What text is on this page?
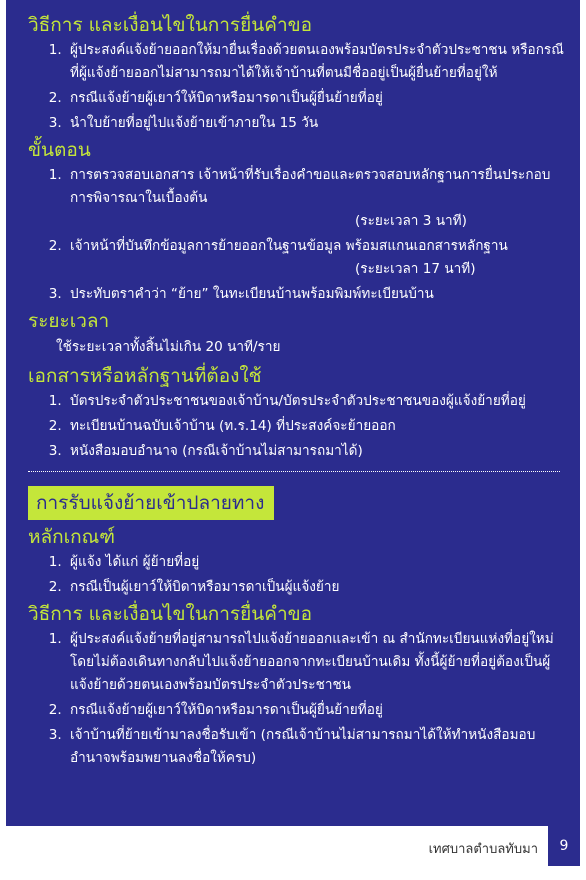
วิธีการ และเงื่อนไขในการยื่นคำขอ
1. ผู้ประสงค์แจ้งย้ายออกให้มายื่นเรื่องด้วยตนเองพร้อมบัตรประจำตัวประชาชน หรือกรณีที่ผู้แจ้งย้ายออกไม่สามารถมาได้ให้เจ้าบ้านที่ตนมีชื่ออยู่เป็นผู้ยื่นย้ายที่อยู่ให้
2. กรณีแจ้งย้ายผู้เยาว์ให้บิดาหรือมารดาเป็นผู้ยื่นย้ายที่อยู่
3. นำใบย้ายที่อยู่ไปแจ้งย้ายเข้าภายใน 15 วัน
ขั้นตอน
1. การตรวจสอบเอกสาร เจ้าหน้าที่รับเรื่องคำขอและตรวจสอบหลักฐานการยื่นประกอบการพิจารณาในเบื้องต้น
(ระยะเวลา 3 นาที)
2. เจ้าหน้าที่บันทึกข้อมูลการย้ายออกในฐานข้อมูล พร้อมสแกนเอกสารหลักฐาน
(ระยะเวลา 17 นาที)
3. ประทับตราคำว่า “ย้าย” ในทะเบียนบ้านพร้อมพิมพ์ทะเบียนบ้าน
ระยะเวลา

ใช้ระยะเวลาทั้งสิ้นไม่เกิน 20 นาที/ราย

เอกสารหรือหลักฐานที่ต้องใช้
1. บัตรประจำตัวประชาชนของเจ้าบ้าน/บัตรประจำตัวประชาชนของผู้แจ้งย้ายที่อยู่
2. ทะเบียนบ้านฉบับเจ้าบ้าน (ท.ร.14) ที่ประสงค์จะย้ายออก
3. หนังสือมอบอำนาจ (กรณีเจ้าบ้านไม่สามารถมาได้)
การรับแจ้งย้ายเข้าปลายทาง
หลักเกณฑ์
1. ผู้แจ้ง ได้แก่ ผู้ย้ายที่อยู่
2. กรณีเป็นผู้เยาว์ให้บิดาหรือมารดาเป็นผู้แจ้งย้าย
วิธีการ และเงื่อนไขในการยื่นคำขอ
1. ผู้ประสงค์แจ้งย้ายที่อยู่สามารถไปแจ้งย้ายออกและเข้า ณ สำนักทะเบียนแห่งที่อยู่ใหม่โดยไม่ต้องเดินทางกลับไปแจ้งย้ายออกจากทะเบียนบ้านเดิม ทั้งนี้ผู้ย้ายที่อยู่ต้องเป็นผู้แจ้งย้ายด้วยตนเองพร้อมบัตรประจำตัวประชาชน
2. กรณีแจ้งย้ายผู้เยาว์ให้บิดาหรือมารดาเป็นผู้ยื่นย้ายที่อยู่
3. เจ้าบ้านที่ย้ายเข้ามาลงชื่อรับเข้า (กรณีเจ้าบ้านไม่สามารถมาได้ให้ทำหนังสือมอบอำนาจพร้อมพยานลงชื่อให้ครบ)
เทศบาลตำบลทับมา	9
